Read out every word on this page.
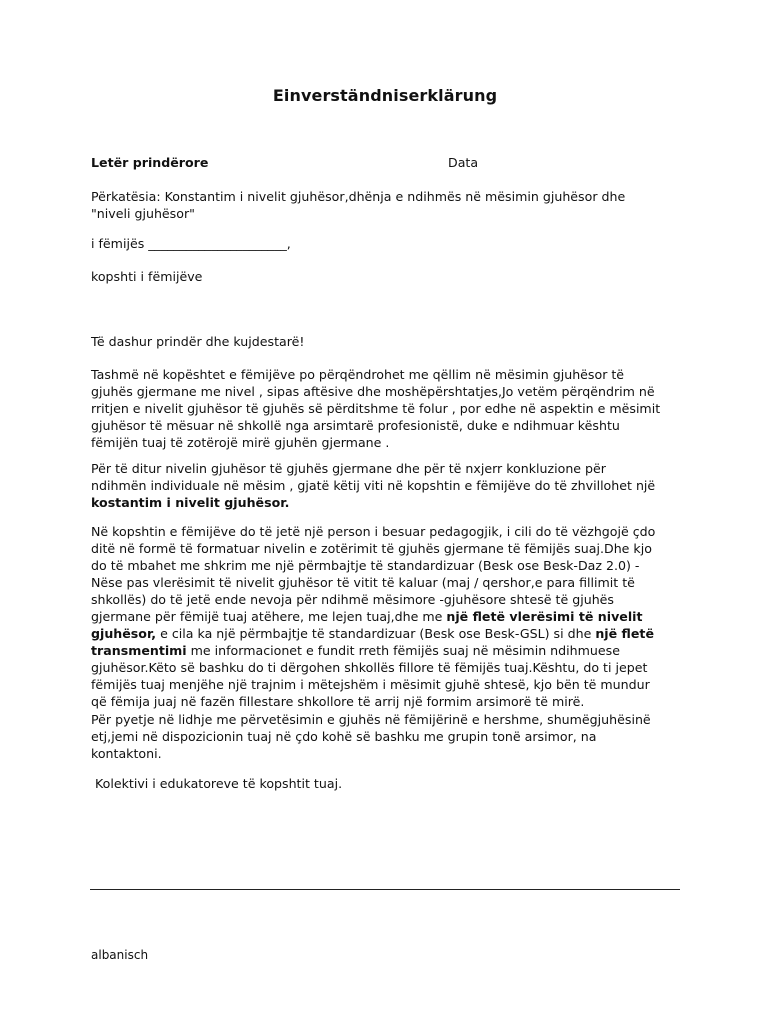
Einverständniserklärung
Letër prindërore	Data

Përkatësia: Konstantim i nivelit gjuhësor,dhënja e ndihmës në mësimin gjuhësor dhe
"niveli gjuhësor"

i fëmijës ______________________,
kopshti i fëmijëve
Të dashur prindër dhe kujdestarë!

Tashmë në kopështet e fëmijëve po përqëndrohet me qëllim në mësimin gjuhësor të
gjuhës gjermane me nivel , sipas aftësive dhe moshëpërshtatjes,Jo vetëm përqëndrim në
rritjen e nivelit gjuhësor të gjuhës së përditshme të folur , por edhe në aspektin e mësimit
gjuhësor të mësuar në shkollë nga arsimtarë profesionistë, duke e ndihmuar kështu
fëmijën tuaj të zotërojë mirë gjuhën gjermane .

Për të ditur nivelin gjuhësor të gjuhës gjermane dhe për të nxjerr konkluzione për
ndihmën individuale në mësim , gjatë këtij viti në kopshtin e fëmijëve do të zhvillohet një
kostantim i nivelit gjuhësor.

Në kopshtin e fëmijëve do të jetë një person i besuar pedagogjik, i cili do të vëzhgojë çdo
ditë në formë të formatuar nivelin e zotërimit të gjuhës gjermane të fëmijës suaj.Dhe kjo
do të mbahet me shkrim me një përmbajtje të standardizuar (Besk ose Besk-Daz 2.0) -
Nëse pas vlerësimit të nivelit gjuhësor të vitit të kaluar (maj / qershor,e para fillimit të
shkollës) do të jetë ende nevoja për ndihmë mësimore -gjuhësore shtesë të gjuhës
gjermane për fëmijë tuaj atëhere, me lejen tuaj,dhe me një fletë vlerësimi të nivelit
gjuhësor, e cila ka një përmbajtje të standardizuar (Besk ose Besk-GSL) si dhe një fletë
transmentimi me informacionet e fundit rreth fëmijës suaj në mësimin ndihmuese
gjuhësor.Këto së bashku do ti dërgohen shkollës fillore të fëmijës tuaj.Kështu, do ti jepet
fëmijës tuaj menjëhe një trajnim i mëtejshëm i mësimit gjuhë shtesë, kjo bën të mundur
që fëmija juaj në fazën fillestare shkollore të arrij një formim arsimorë të mirë.

Për pyetje në lidhje me përvetësimin e gjuhës në fëmijërinë e hershme, shumëgjuhësinë
etj,jemi në dispozicionin tuaj në çdo kohë së bashku me grupin tonë arsimor, na
kontaktoni.

Kolektivi i edukatoreve të kopshtit tuaj.
albanisch
